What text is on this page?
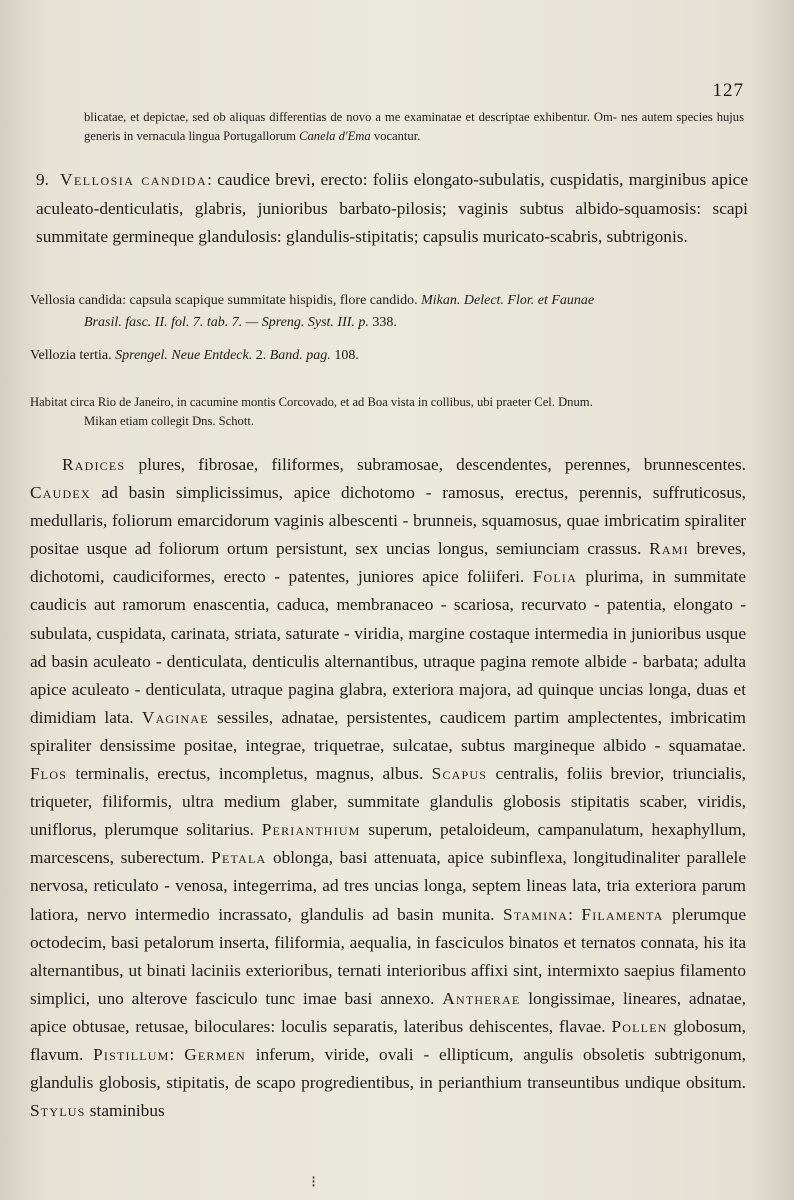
127
blicatae, et depictae, sed ob aliquas differentias de novo a me examinatae et descriptae exhibentur. Om- nes autem species hujus generis in vernacula lingua Portugallorum Canela d'Ema vocantur.
9. Vellosia candida: caudice brevi, erecto: foliis elongato-subulatis, cuspidatis, marginibus apice aculeato-denticulatis, glabris, junioribus barbato-pilosis; vaginis subtus albido-squamosis: scapi summitate germineque glandulosis: glandulis-stipitatis; capsulis muricato-scabris, subtrigonis.
Vellosia candida: capsula scapique summitate hispidis, flore candido. Mikan. Delect. Flor. et Faunae
Brasil. fasc. II. fol. 7. tab. 7. — Spreng. Syst. III. p. 338.
Vellozia tertia. Sprengel. Neue Entdeck. 2. Band. pag. 108.
Habitat circa Rio de Janeiro, in cacumine montis Corcovado, et ad Boa vista in collibus, ubi praeter Cel. Dnum.
Mikan etiam collegit Dns. Schott.
Radices plures, fibrosae, filiformes, subramosae, descendentes, perennes, brunnescentes. Caudex ad basin simplicissimus, apice dichotomo - ramosus, erectus, perennis, suffruticosus, medullaris, foliorum emarcidorum vaginis albescenti - brunneis, squamosus, quae imbricatim spiraliter positae usque ad foliorum ortum persistunt, sex uncias longus, semiunciam crassus. Rami breves, dichotomi, caudiciformes, erecto - patentes, juniores apice foliiferi. Folia plurima, in summitate caudicis aut ramorum enascentia, caduca, membranaceo - scariosa, recurvato - patentia, elongato - subulata, cuspidata, carinata, striata, saturate - viridia, margine costaque intermedia in junioribus usque ad basin aculeato - denticulata, denticulis alternantibus, utraque pagina remote albide - barbata; adulta apice aculeato - denticulata, utraque pagina glabra, exteriora majora, ad quinque uncias longa, duas et dimidiam lata. Vaginae sessiles, adnatae, persistentes, caudicem partim amplectentes, imbricatim spiraliter densissime positae, integrae, triquetrae, sulcatae, subtus margineque albido - squamatae. Flos terminalis, erectus, incompletus, magnus, albus. Scapus centralis, foliis brevior, triuncialis, triqueter, filiformis, ultra medium glaber, summitate glandulis globosis stipitatis scaber, viridis, uniflorus, plerumque solitarius. Perianthium superum, petaloideum, campanulatum, hexaphyllum, marcescens, suberectum. Petala oblonga, basi attenuata, apice subinflexa, longitudinaliter parallele nervosa, reticulato - venosa, integerrima, ad tres uncias longa, septem lineas lata, tria exteriora parum latiora, nervo intermedio incrassato, glandulis ad basin munita. Stamina: Filamenta plerumque octodecim, basi petalorum inserta, filiformia, aequalia, in fasciculos binatos et ternatos connata, his ita alternantibus, ut binati laciniis exterioribus, ternati interioribus affixi sint, intermixto saepius filamento simplici, uno alterove fasciculo tunc imae basi annexo. Antherae longissimae, lineares, adnatae, apice obtusae, retusae, biloculares: loculis separatis, lateribus dehiscentes, flavae. Pollen globosum, flavum. Pistillum: Germen inferum, viride, ovali - ellipticum, angulis obsoletis subtrigonum, glandulis globosis, stipitatis, de scapo progredientibus, in perianthium transeuntibus undique obsitum. Stylus staminibus
⁝
